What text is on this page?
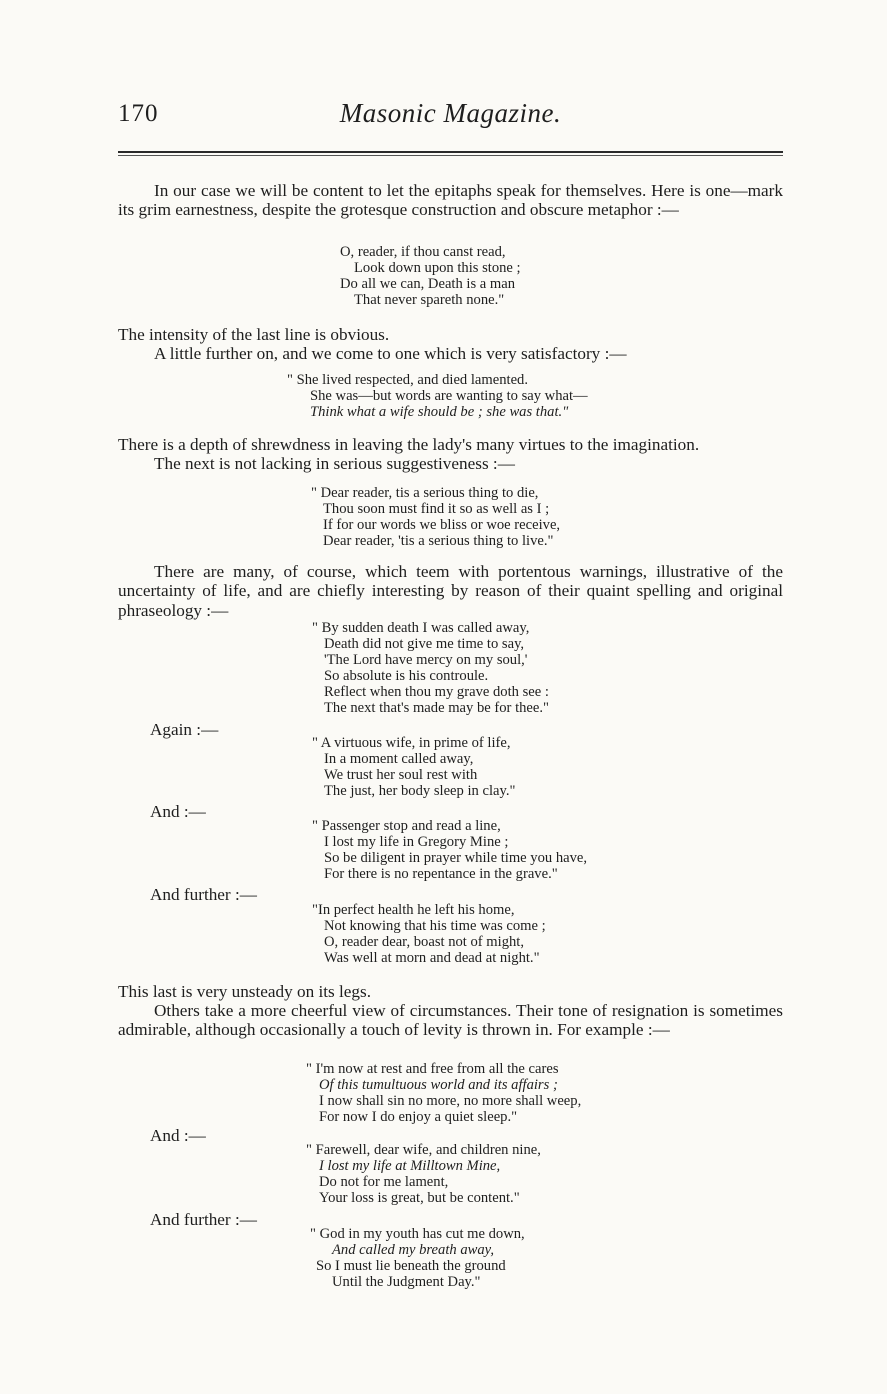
170	Masonic Magazine.
In our case we will be content to let the epitaphs speak for themselves. Here is one—mark its grim earnestness, despite the grotesque construction and obscure metaphor :—
O, reader, if thou canst read,
Look down upon this stone ;
Do all we can, Death is a man
That never spareth none."
The intensity of the last line is obvious.
A little further on, and we come to one which is very satisfactory :—
" She lived respected, and died lamented.
She was—but words are wanting to say what—
Think what a wife should be ; she was that."
There is a depth of shrewdness in leaving the lady's many virtues to the imagination.
The next is not lacking in serious suggestiveness :—
" Dear reader, tis a serious thing to die,
Thou soon must find it so as well as I ;
If for our words we bliss or woe receive,
Dear reader, 'tis a serious thing to live."
There are many, of course, which teem with portentous warnings, illustrative of the uncertainty of life, and are chiefly interesting by reason of their quaint spelling and original phraseology :—
" By sudden death I was called away,
Death did not give me time to say,
'The Lord have mercy on my soul,'
So absolute is his controule.
Reflect when thou my grave doth see :
The next that's made may be for thee."
Again :—
" A virtuous wife, in prime of life,
In a moment called away,
We trust her soul rest with
The just, her body sleep in clay."
And :—
" Passenger stop and read a line,
I lost my life in Gregory Mine ;
So be diligent in prayer while time you have,
For there is no repentance in the grave."
And further :—
"In perfect health he left his home,
Not knowing that his time was come ;
O, reader dear, boast not of might,
Was well at morn and dead at night."
This last is very unsteady on its legs.
Others take a more cheerful view of circumstances. Their tone of resignation is sometimes admirable, although occasionally a touch of levity is thrown in. For example :—
" I'm now at rest and free from all the cares
Of this tumultuous world and its affairs ;
I now shall sin no more, no more shall weep,
For now I do enjoy a quiet sleep."
And :—
" Farewell, dear wife, and children nine,
I lost my life at Milltown Mine,
Do not for me lament,
Your loss is great, but be content."
And further :—
" God in my youth has cut me down,
And called my breath away,
So I must lie beneath the ground
Until the Judgment Day."
